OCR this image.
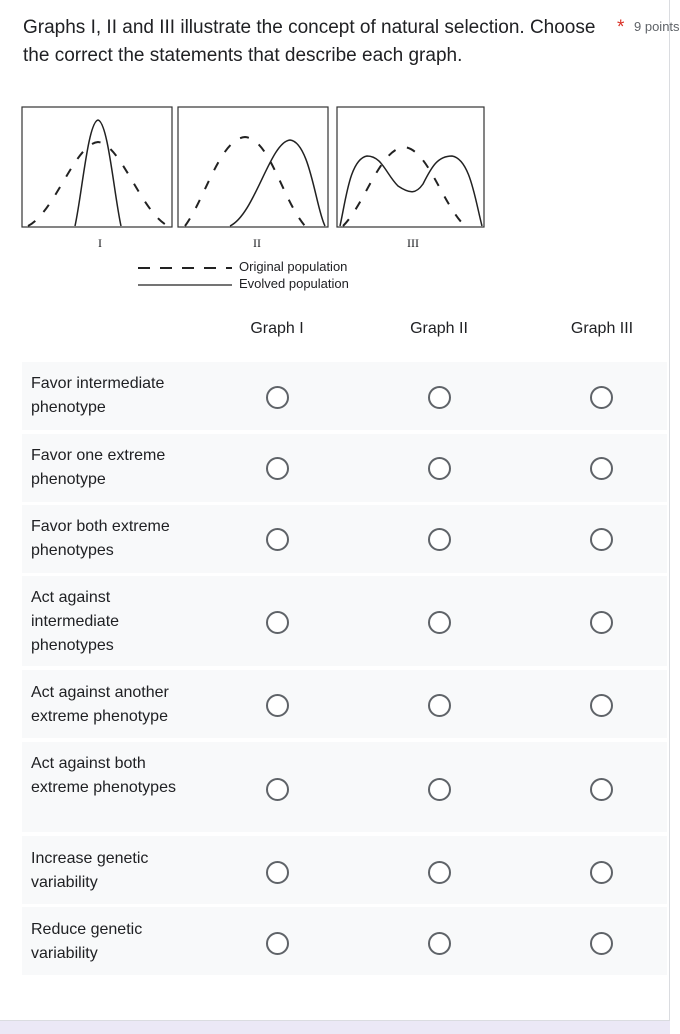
Graphs I, II and III illustrate the concept of natural selection. Choose the correct the statements that describe each graph.
* 9 points
I	II	III
Original population
Evolved population
Graph I	Graph II	Graph III
Favor intermediate phenotype
Favor one extreme phenotype
Favor both extreme phenotypes
Act against intermediate phenotypes
Act against another extreme phenotype
Act against both extreme phenotypes
Increase genetic variability
Reduce genetic variability
